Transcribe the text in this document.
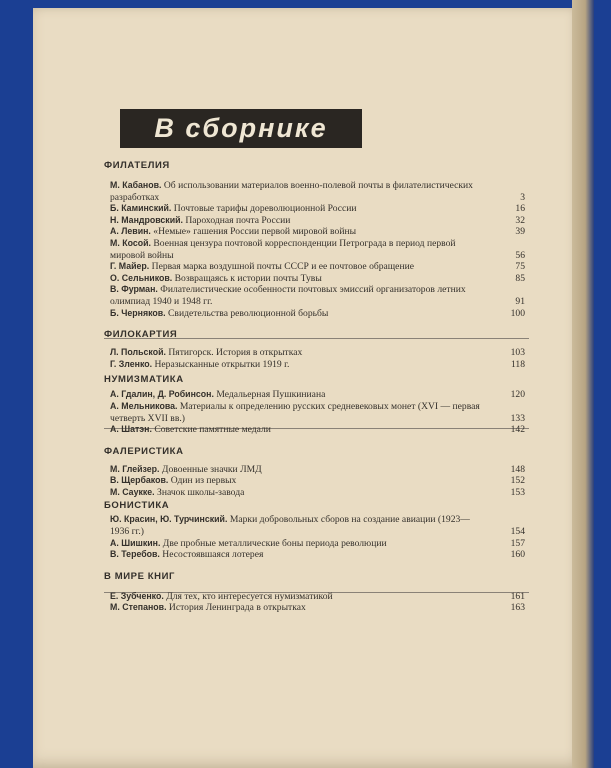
В сборнике
ФИЛАТЕЛИЯ
М. Кабанов. Об использовании материалов военно-полевой почты в филателистических разработках	3
Б. Каминский. Почтовые тарифы дореволюционной России	16
Н. Мандровский. Пароходная почта России	32
А. Левин. «Немые» гашения России первой мировой войны	39
М. Косой. Военная цензура почтовой корреспонденции Петрограда в период первой мировой войны	56
Г. Майер. Первая марка воздушной почты СССР и ее почтовое обращение	75
О. Сельников. Возвращаясь к истории почты Тувы	85
В. Фурман. Филателистические особенности почтовых эмиссий организаторов летних олимпиад 1940 и 1948 гг.	91
Б. Черняков. Свидетельства революционной борьбы	100
ФИЛОКАРТИЯ
Л. Польской. Пятигорск. История в открытках	103
Г. Зленко. Неразысканные открытки 1919 г.	118
НУМИЗМАТИКА
А. Гдалин, Д. Робинсон. Медальерная Пушкиниана	120
А. Мельникова. Материалы к определению русских средневековых монет (XVI — первая четверть XVII вв.)	133
А. Шатэн. Советские памятные медали	142
ФАЛЕРИСТИКА
М. Глейзер. Довоенные значки ЛМД	148
В. Щербаков. Один из первых	152
М. Саукке. Значок школы-завода	153
БОНИСТИКА
Ю. Красин, Ю. Турчинский. Марки добровольных сборов на создание авиации (1923—1936 гг.)	154
А. Шишкин. Две пробные металлические боны периода революции	157
В. Теребов. Несостоявшаяся лотерея	160
В МИРЕ КНИГ
Е. Зубченко. Для тех, кто интересуется нумизматикой	161
М. Степанов. История Ленинграда в открытках	163
